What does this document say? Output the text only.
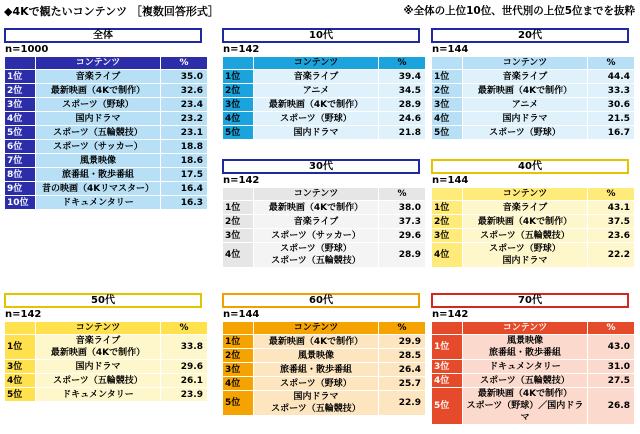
◆4Kで観たいコンテンツ ［複数回答形式］	※全体の上位10位、世代別の上位5位までを抜粋
全体
n=1000
	コンテンツ	%
1位	音楽ライブ	35.0
2位	最新映画（4Kで制作）	32.6
3位	スポーツ（野球）	23.4
4位	国内ドラマ	23.2
5位	スポーツ（五輪競技）	23.1
6位	スポーツ（サッカー）	18.8
7位	風景映像	18.6
8位	旅番組・散歩番組	17.5
9位	昔の映画（4Kリマスター）	16.4
10位	ドキュメンタリー	16.3
10代
n=142
	コンテンツ	%
1位	音楽ライブ	39.4
2位	アニメ	34.5
3位	最新映画（4Kで制作）	28.9
4位	スポーツ（野球）	24.6
5位	国内ドラマ	21.8
20代
n=144
	コンテンツ	%
1位	音楽ライブ	44.4
2位	最新映画（4Kで制作）	33.3
3位	アニメ	30.6
4位	国内ドラマ	21.5
5位	スポーツ（野球）	16.7
30代
n=142
	コンテンツ	%
1位	最新映画（4Kで制作）	38.0
2位	音楽ライブ	37.3
3位	スポーツ（サッカー）	29.6
4位	スポーツ（野球）
スポーツ（五輪競技）	28.9
40代
n=144
	コンテンツ	%
1位	音楽ライブ	43.1
2位	最新映画（4Kで制作）	37.5
3位	スポーツ（五輪競技）	23.6
4位	スポーツ（野球）
国内ドラマ	22.2
50代
n=142
	コンテンツ	%
1位	音楽ライブ
最新映画（4Kで制作）	33.8
3位	国内ドラマ	29.6
4位	スポーツ（五輪競技）	26.1
5位	ドキュメンタリー	23.9
60代
n=144
	コンテンツ	%
1位	最新映画（4Kで制作）	29.9
2位	風景映像	28.5
3位	旅番組・散歩番組	26.4
4位	スポーツ（野球）	25.7
5位	国内ドラマ
スポーツ（五輪競技）	22.9
70代
n=142
	コンテンツ	%
1位	風景映像
旅番組・散歩番組	43.0
3位	ドキュメンタリー	31.0
4位	スポーツ（五輪競技）	27.5
5位	最新映画（4Kで制作）
スポーツ（野球）／国内ドラマ	26.8
